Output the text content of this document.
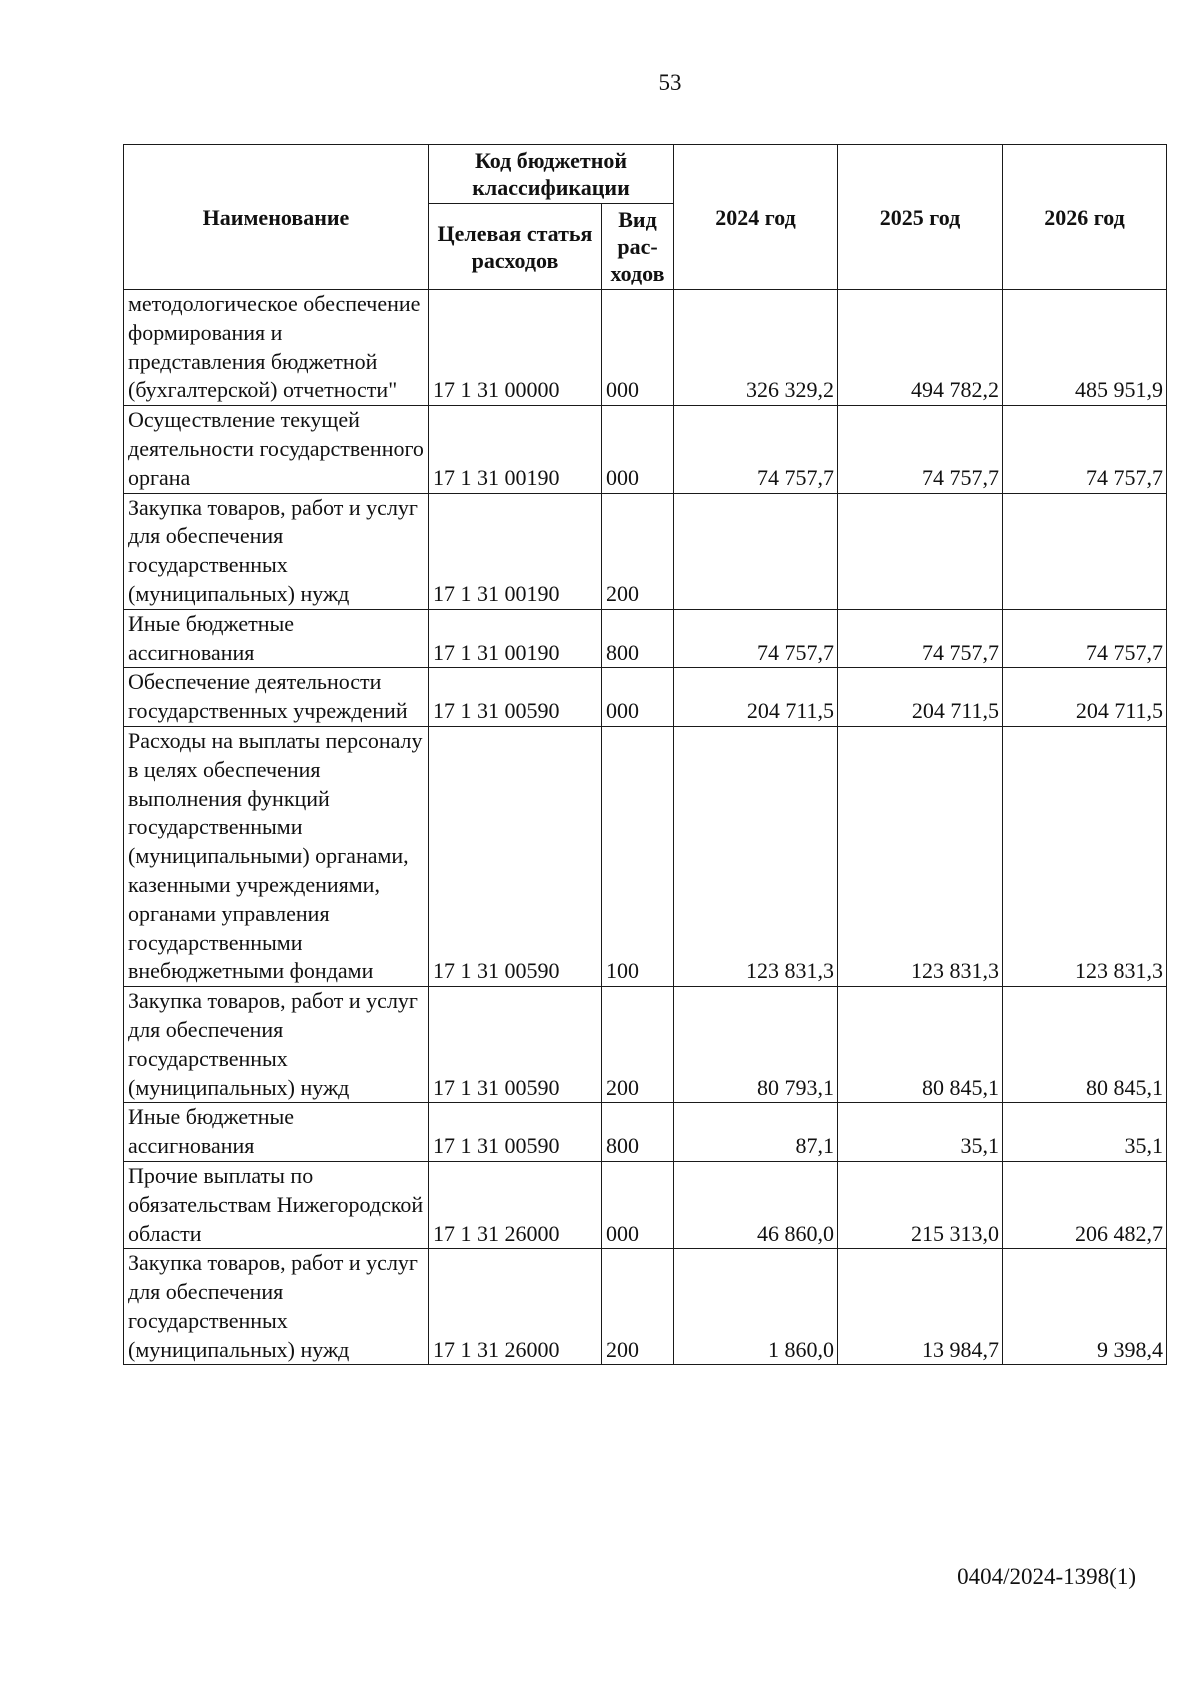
53
Наименование	Код бюджетной классификации		2024 год	2025 год	2026 год
	Целевая статья расходов	Вид рас-ходов			
методологическое обеспечение формирования и представления бюджетной (бухгалтерской) отчетности"	17 1 31 00000	000	326 329,2	494 782,2	485 951,9
Осуществление текущей деятельности государственного органа	17 1 31 00190	000	74 757,7	74 757,7	74 757,7
Закупка товаров, работ и услуг для обеспечения государственных (муниципальных) нужд	17 1 31 00190	200			
Иные бюджетные ассигнования	17 1 31 00190	800	74 757,7	74 757,7	74 757,7
Обеспечение деятельности государственных учреждений	17 1 31 00590	000	204 711,5	204 711,5	204 711,5
Расходы на выплаты персоналу в целях обеспечения выполнения функций государственными (муниципальными) органами, казенными учреждениями, органами управления государственными внебюджетными фондами	17 1 31 00590	100	123 831,3	123 831,3	123 831,3
Закупка товаров, работ и услуг для обеспечения государственных (муниципальных) нужд	17 1 31 00590	200	80 793,1	80 845,1	80 845,1
Иные бюджетные ассигнования	17 1 31 00590	800	87,1	35,1	35,1
Прочие выплаты по обязательствам Нижегородской области	17 1 31 26000	000	46 860,0	215 313,0	206 482,7
Закупка товаров, работ и услуг для обеспечения государственных (муниципальных) нужд	17 1 31 26000	200	1 860,0	13 984,7	9 398,4
0404/2024-1398(1)
